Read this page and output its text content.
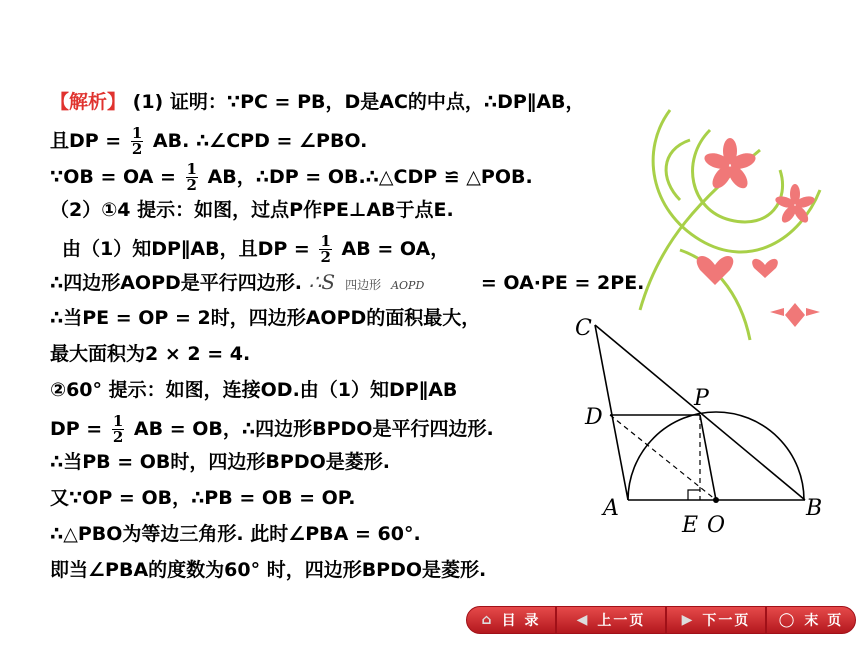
【解析】 (1) 证明：∵PC = PB，D是AC的中点，∴DP∥AB，
且DP = $\frac{1}{2}$ AB. ∴∠CPD = ∠PBO.
∵OB = OA = $\frac{1}{2}$ AB，∴DP = OB.∴△CDP ≌ △POB.
（2）①4 提示：如图，过点P作PE⊥AB于点E.
由（1）知DP∥AB，且DP = $\frac{1}{2}$ AB = OA，
∴四边形AOPD是平行四边形. ∴S 四边形 AOPD	= OA·PE = 2PE.
∴当PE = OP = 2时，四边形AOPD的面积最大，
最大面积为2 × 2 = 4.
②60° 提示：如图，连接OD.由（1）知DP∥AB
DP = $\frac{1}{2}$ AB = OB，∴四边形BPDO是平行四边形.
∴当PB = OB时，四边形BPDO是菱形.
又∵OP = OB，∴PB = OB = OP.
∴△PBO为等边三角形. 此时∠PBA = 60°.
即当∠PBA的度数为60° 时，四边形BPDO是菱形.
C
D
P
A
E O
B
⌂ 目 录	◀ 上一页	▶ 下一页 ◯ 末 页
